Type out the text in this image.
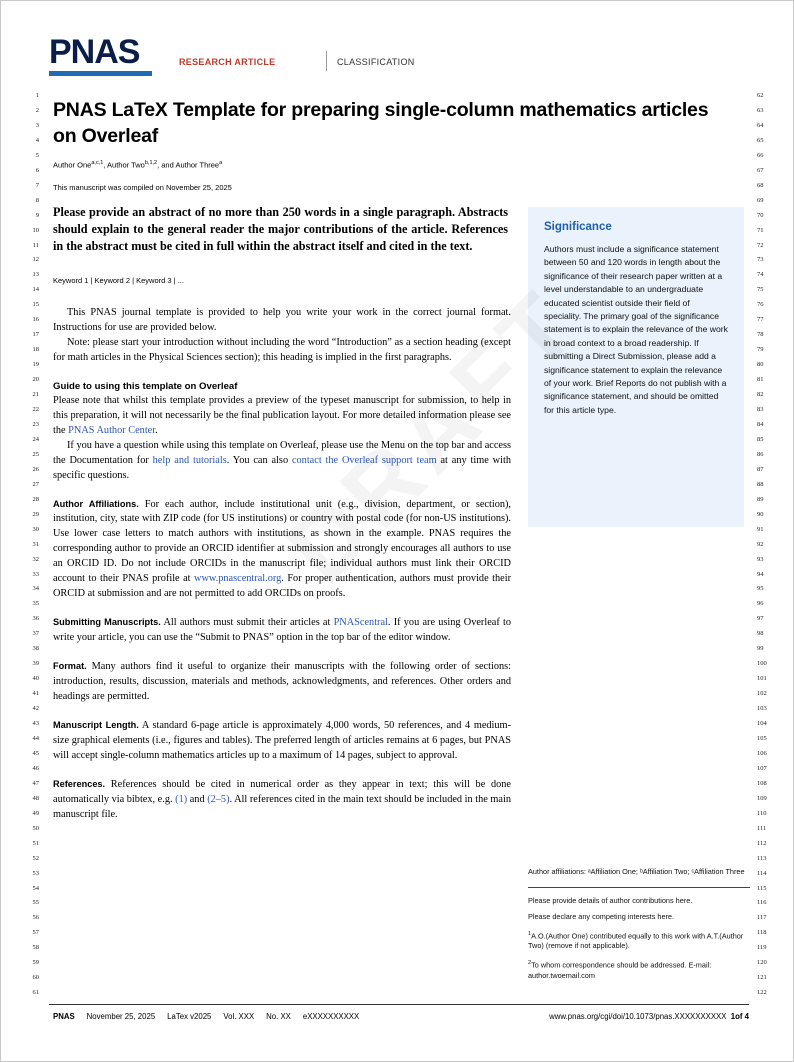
PNAS	RESEARCH ARTICLE	CLASSIFICATION
1
2
3
4
5
6
7
8
9
10
11
12
13
14
15
16
17
18
19
20
21
22
23
24
25
26
27
28
29
30
31
32
33
34
35
36
37
38
39
40
41
42
43
44
45
46
47
48
49
50
51
52
53
54
55
56
57
58
59
60
61
62
63
64
65
66
67
68
69
70
71
72
73
74
75
76
77
78
79
80
81
82
83
84
85
86
87
88
89
90
91
92
93
94
95
96
97
98
99
100
101
102
103
104
105
106
107
108
109
110
111
112
113
114
115
116
117
118
119
120
121
122
PNAS LaTeX Template for preparing single-column mathematics articles on Overleaf
Author One$^{a,c,1}$, Author Two$^{b,1,2}$, and Author Three$^a$
This manuscript was compiled on November 25, 2025
Please provide an abstract of no more than 250 words in a single paragraph. Abstracts should explain to the general reader the major contributions of the article. References in the abstract must be cited in full within the abstract itself and cited in the text.
Keyword 1 | Keyword 2 | Keyword 3 | ...
Significance

Authors must include a significance statement between 50 and 120 words in length about the significance of their research paper written at a level understandable to an undergraduate educated scientist outside their field of speciality. The primary goal of the significance statement is to explain the relevance of the work in broad context to a broad readership. If submitting a Direct Submission, please add a significance statement to explain the relevance of your work. Brief Reports do not publish with a significance statement, and should be omitted for this article type.

This PNAS journal template is provided to help you write your work in the correct journal format. Instructions for use are provided below.

Note: please start your introduction without including the word “Introduction” as a section heading (except for math articles in the Physical Sciences section); this heading is implied in the first paragraphs.

Guide to using this template on Overleaf

Please note that whilst this template provides a preview of the typeset manuscript for submission, to help in this preparation, it will not necessarily be the final publication layout. For more detailed information please see the PNAS Author Center.

If you have a question while using this template on Overleaf, please use the Menu on the top bar and access the Documentation for help and tutorials. You can also contact the Overleaf support team at any time with specific questions.

Author Affiliations. For each author, include institutional unit (e.g., division, department, or section), institution, city, state with ZIP code (for US institutions) or country with postal code (for non-US institutions). Use lower case letters to match authors with institutions, as shown in the example. PNAS requires the corresponding author to provide an ORCID identifier at submission and strongly encourages all authors to use an ORCID ID. Do not include ORCIDs in the manuscript file; individual authors must link their ORCID account to their PNAS profile at www.pnascentral.org. For proper authentication, authors must provide their ORCID at submission and are not permitted to add ORCIDs on proofs.

Submitting Manuscripts. All authors must submit their articles at PNAScentral. If you are using Overleaf to write your article, you can use the “Submit to PNAS” option in the top bar of the editor window.

Format. Many authors find it useful to organize their manuscripts with the following order of sections: introduction, results, discussion, materials and methods, acknowledgments, and references. Other orders and headings are permitted.

Manuscript Length. A standard 6-page article is approximately 4,000 words, 50 references, and 4 medium-size graphical elements (i.e., figures and tables). The preferred length of articles remains at 6 pages, but PNAS will accept single-column mathematics articles up to a maximum of 14 pages, subject to approval.

References. References should be cited in numerical order as they appear in text; this will be done automatically via bibtex, e.g. (1) and (2–5). All references cited in the main text should be included in the main manuscript file.

Author affiliations: ᵃAffiliation One; ᵇAffiliation Two; ᶜAffiliation Three

Please provide details of author contributions here.

Please declare any competing interests here.

$^1$A.O.(Author One) contributed equally to this work with A.T.(Author Two) (remove if not applicable).

$^2$To whom correspondence should be addressed. E-mail: author.twoemail.com

PNAS November 25, 2025 LaTex v2025 Vol. XXX No. XX eXXXXXXXXXX	www.pnas.org/cgi/doi/10.1073/pnas.XXXXXXXXXX 1of 4
